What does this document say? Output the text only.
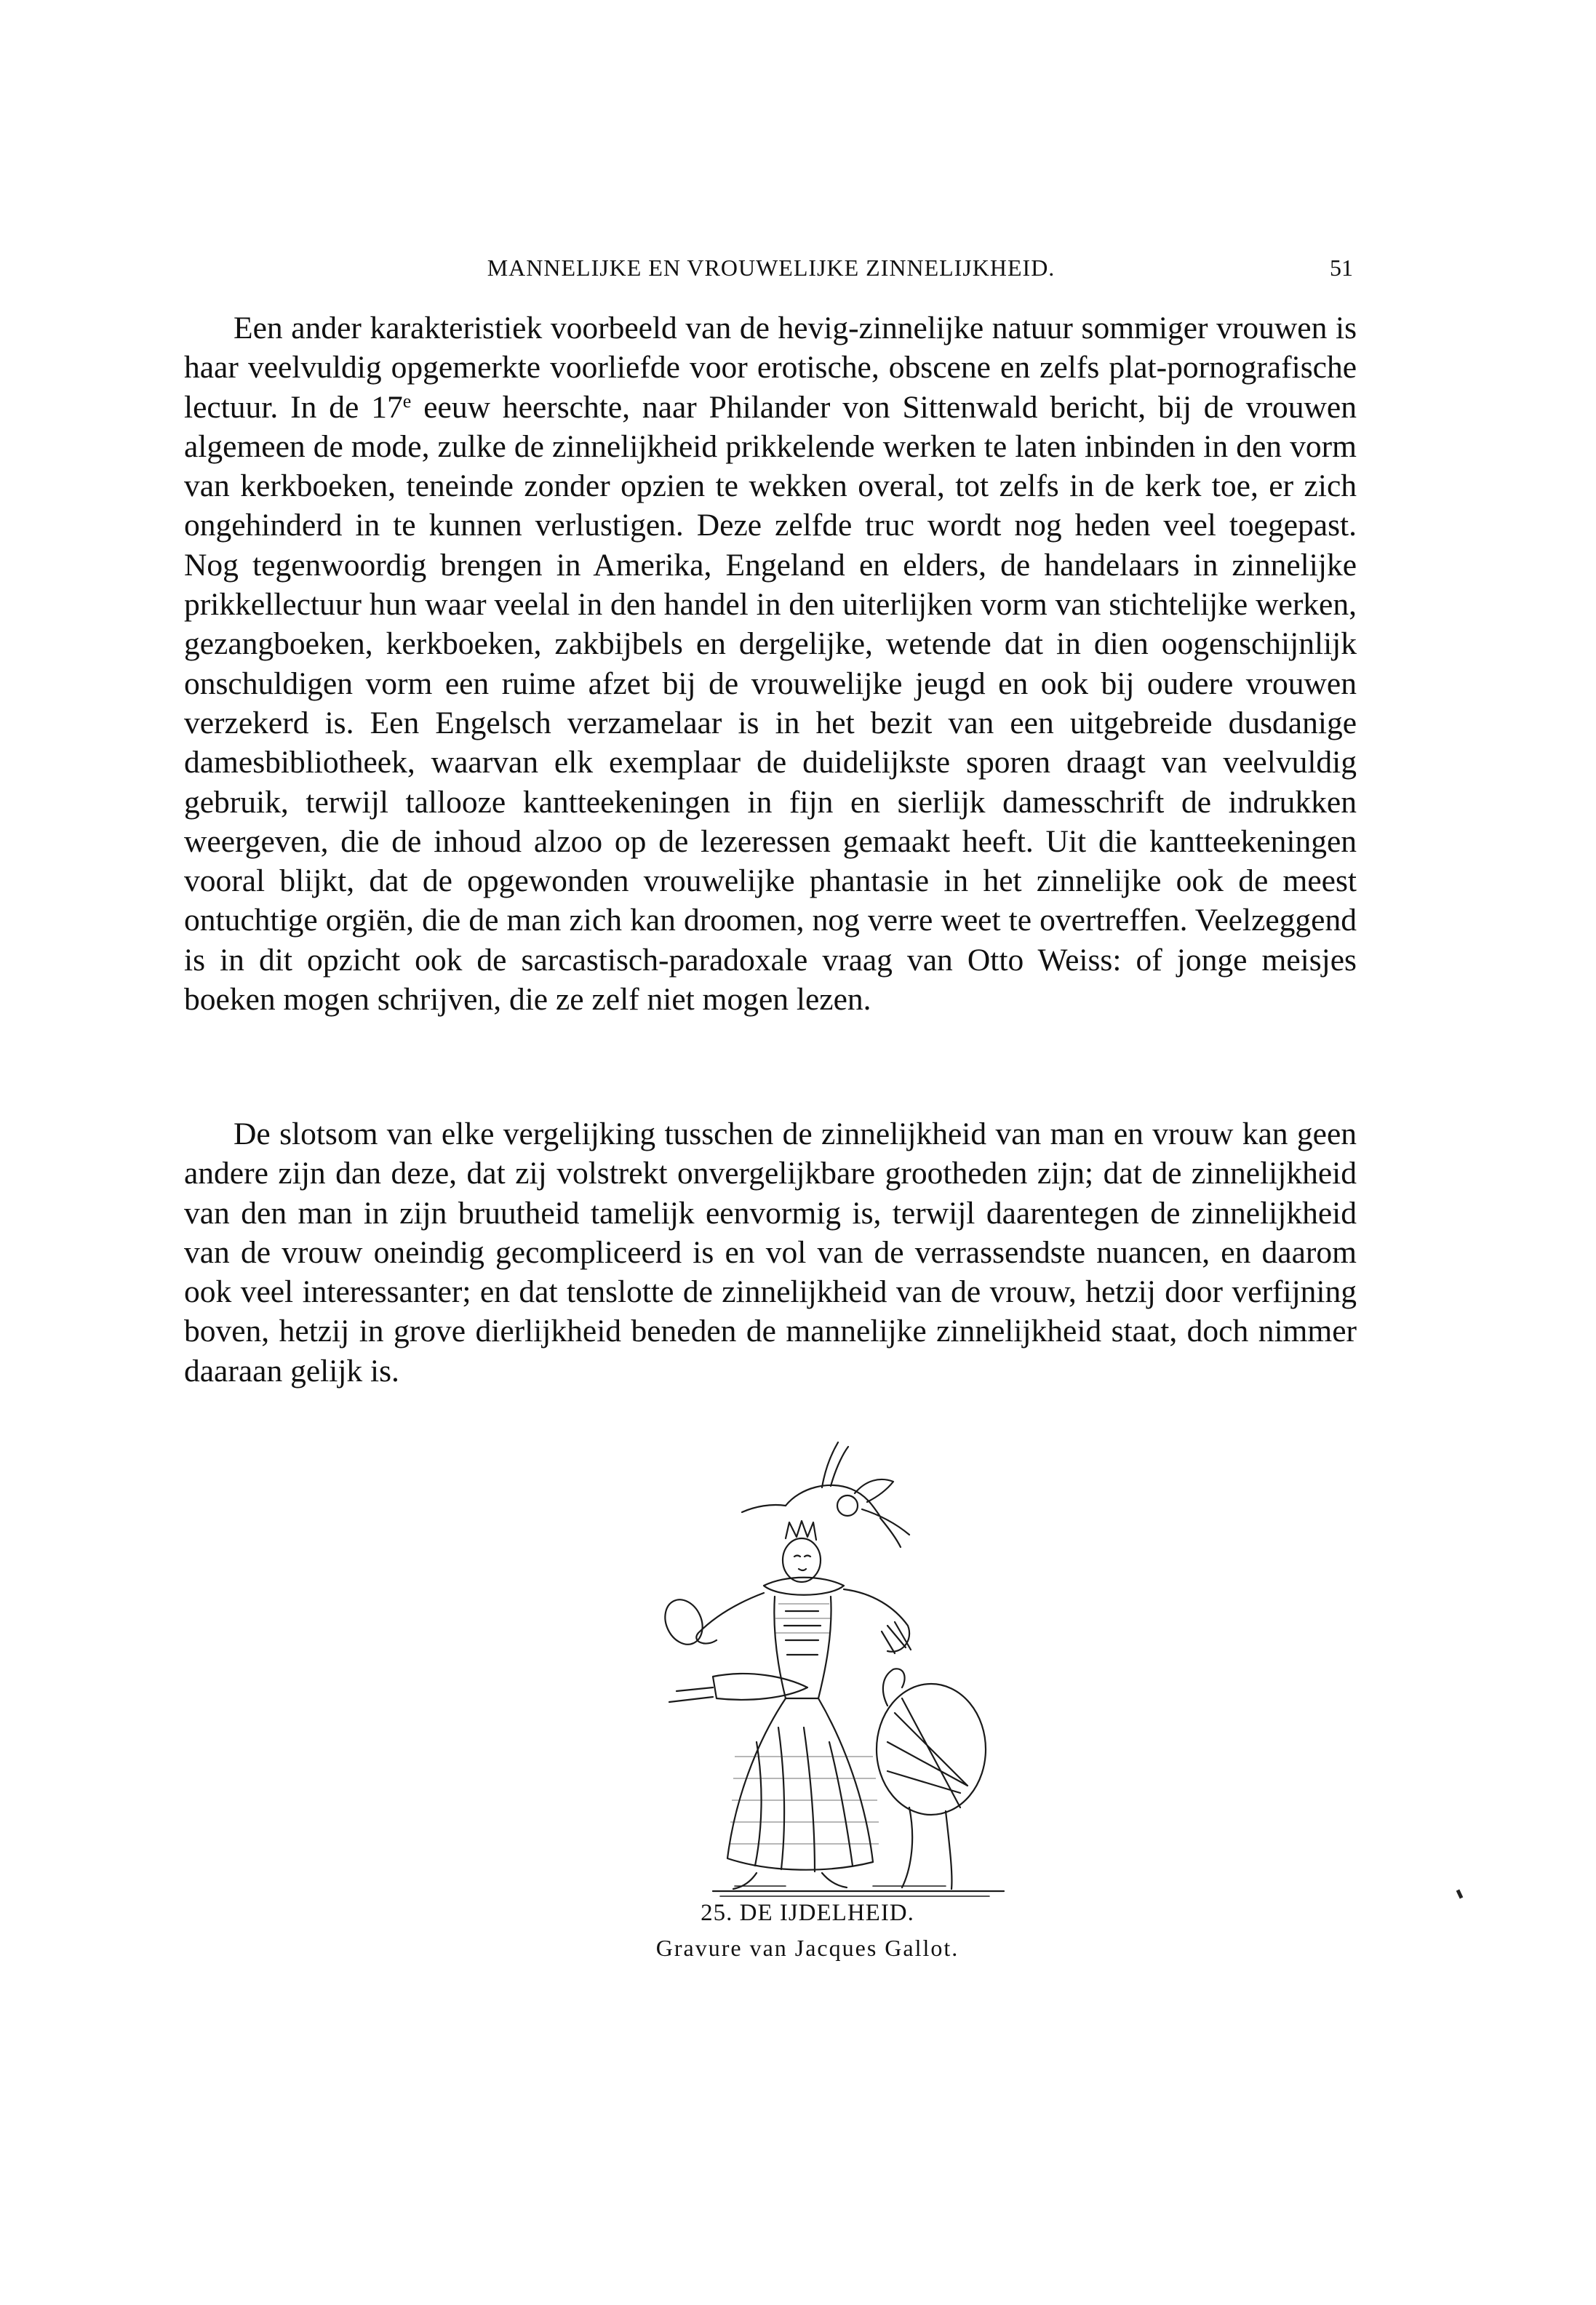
MANNELIJKE EN VROUWELIJKE ZINNELIJKHEID.	51

Een ander karakteristiek voorbeeld van de hevig-zinnelijke natuur sommiger vrouwen is haar veelvuldig opgemerkte voorliefde voor erotische, obscene en zelfs plat-pornografische lectuur. In de 17e eeuw heerschte, naar Philander von Sittenwald bericht, bij de vrouwen algemeen de mode, zulke de zinnelijkheid prikkelende werken te laten inbinden in den vorm van kerkboeken, teneinde zonder opzien te wekken overal, tot zelfs in de kerk toe, er zich ongehinderd in te kunnen verlustigen. Deze zelfde truc wordt nog heden veel toegepast. Nog tegenwoordig brengen in Amerika, Engeland en elders, de handelaars in zinnelijke prikkellectuur hun waar veelal in den handel in den uiterlijken vorm van stichtelijke werken, gezangboeken, kerkboeken, zakbijbels en dergelijke, wetende dat in dien oogenschijnlijk onschuldigen vorm een ruime afzet bij de vrouwelijke jeugd en ook bij oudere vrouwen verzekerd is. Een Engelsch verzamelaar is in het bezit van een uitgebreide dusdanige damesbibliotheek, waarvan elk exemplaar de duidelijkste sporen draagt van veelvuldig gebruik, terwijl tallooze kantteekeningen in fijn en sierlijk damesschrift de indrukken weergeven, die de inhoud alzoo op de lezeressen gemaakt heeft. Uit die kantteekeningen vooral blijkt, dat de opgewonden vrouwelijke phantasie in het zinnelijke ook de meest ontuchtige orgiën, die de man zich kan droomen, nog verre weet te overtreffen. Veelzeggend is in dit opzicht ook de sarcastisch-paradoxale vraag van Otto Weiss: of jonge meisjes boeken mogen schrijven, die ze zelf niet mogen lezen.

De slotsom van elke vergelijking tusschen de zinnelijkheid van man en vrouw kan geen andere zijn dan deze, dat zij volstrekt onvergelijkbare grootheden zijn; dat de zinnelijkheid van den man in zijn bruutheid tamelijk eenvormig is, terwijl daarentegen de zinnelijkheid van de vrouw oneindig gecompliceerd is en vol van de verrassendste nuancen, en daarom ook veel interessanter; en dat tenslotte de zinnelijkheid van de vrouw, hetzij door verfijning boven, hetzij in grove dierlijkheid beneden de mannelijke zinnelijkheid staat, doch nimmer daaraan gelijk is.

25. DE IJDELHEID.
Gravure van Jacques Gallot.
